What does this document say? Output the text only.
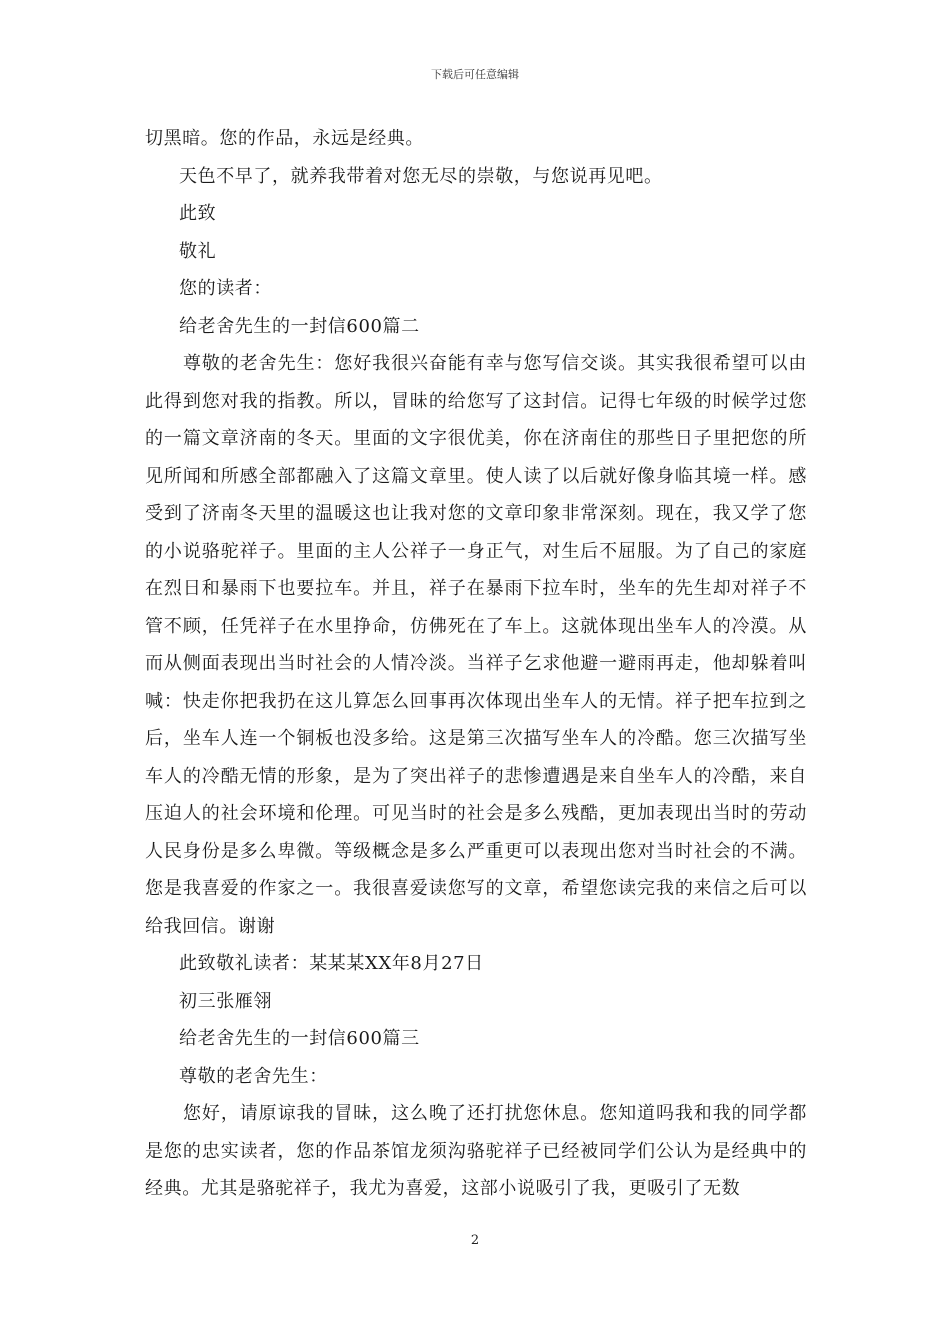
下载后可任意编辑

切黑暗。您的作品，永远是经典。

天色不早了，就养我带着对您无尽的崇敬，与您说再见吧。

此致

敬礼

您的读者：

给老舍先生的一封信600篇二

尊敬的老舍先生：您好我很兴奋能有幸与您写信交谈。其实我很希望可以由此得到您对我的指教。所以，冒昧的给您写了这封信。记得七年级的时候学过您的一篇文章济南的冬天。里面的文字很优美，你在济南住的那些日子里把您的所见所闻和所感全部都融入了这篇文章里。使人读了以后就好像身临其境一样。感受到了济南冬天里的温暖这也让我对您的文章印象非常深刻。现在，我又学了您的小说骆驼祥子。里面的主人公祥子一身正气，对生后不屈服。为了自己的家庭在烈日和暴雨下也要拉车。并且，祥子在暴雨下拉车时，坐车的先生却对祥子不管不顾，任凭祥子在水里挣命，仿佛死在了车上。这就体现出坐车人的冷漠。从而从侧面表现出当时社会的人情冷淡。当祥子乞求他避一避雨再走，他却躲着叫喊：快走你把我扔在这儿算怎么回事再次体现出坐车人的无情。祥子把车拉到之后，坐车人连一个铜板也没多给。这是第三次描写坐车人的冷酷。您三次描写坐车人的冷酷无情的形象，是为了突出祥子的悲惨遭遇是来自坐车人的冷酷，来自压迫人的社会环境和伦理。可见当时的社会是多么残酷，更加表现出当时的劳动人民身份是多么卑微。等级概念是多么严重更可以表现出您对当时社会的不满。您是我喜爱的作家之一。我很喜爱读您写的文章，希望您读完我的来信之后可以给我回信。谢谢

此致敬礼读者：某某某XX年8月27日

初三张雁翎

给老舍先生的一封信600篇三

尊敬的老舍先生：

您好，请原谅我的冒昧，这么晚了还打扰您休息。您知道吗我和我的同学都是您的忠实读者，您的作品茶馆龙须沟骆驼祥子已经被同学们公认为是经典中的经典。尤其是骆驼祥子，我尤为喜爱，这部小说吸引了我，更吸引了无数

2
